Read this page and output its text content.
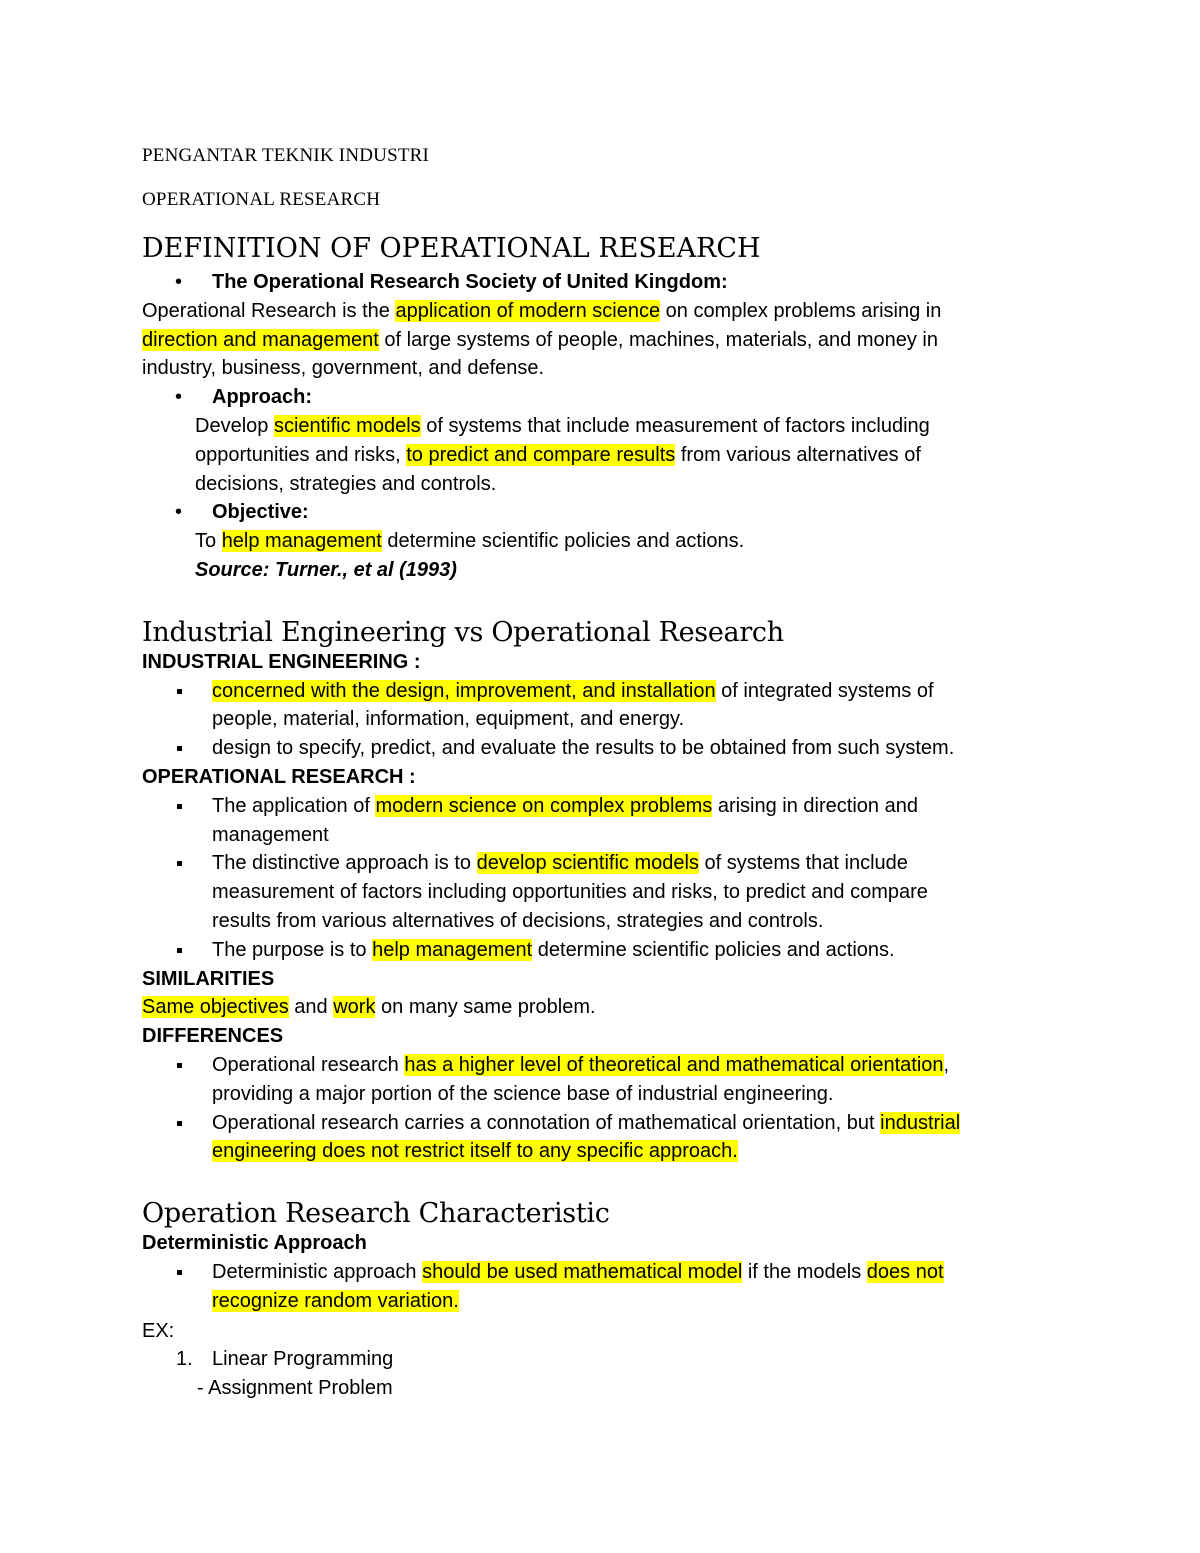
PENGANTAR TEKNIK INDUSTRI
OPERATIONAL RESEARCH
DEFINITION OF OPERATIONAL RESEARCH
• The Operational Research Society of United Kingdom:
Operational Research is the application of modern science on complex problems arising in
direction and management of large systems of people, machines, materials, and money in
industry, business, government, and defense.
• Approach:
Develop scientific models of systems that include measurement of factors including
opportunities and risks, to predict and compare results from various alternatives of
decisions, strategies and controls.
• Objective:
To help management determine scientific policies and actions.
Source: Turner., et al (1993)
Industrial Engineering vs Operational Research
INDUSTRIAL ENGINEERING :
concerned with the design, improvement, and installation of integrated systems of
people, material, information, equipment, and energy.
design to specify, predict, and evaluate the results to be obtained from such system.
OPERATIONAL RESEARCH :
The application of modern science on complex problems arising in direction and
management
The distinctive approach is to develop scientific models of systems that include
measurement of factors including opportunities and risks, to predict and compare
results from various alternatives of decisions, strategies and controls.
The purpose is to help management determine scientific policies and actions.
SIMILARITIES
Same objectives and work on many same problem.
DIFFERENCES
Operational research has a higher level of theoretical and mathematical orientation,
providing a major portion of the science base of industrial engineering.
Operational research carries a connotation of mathematical orientation, but industrial
engineering does not restrict itself to any specific approach.
Operation Research Characteristic
Deterministic Approach
Deterministic approach should be used mathematical model if the models does not
recognize random variation.
EX:
1. Linear Programming
- Assignment Problem
